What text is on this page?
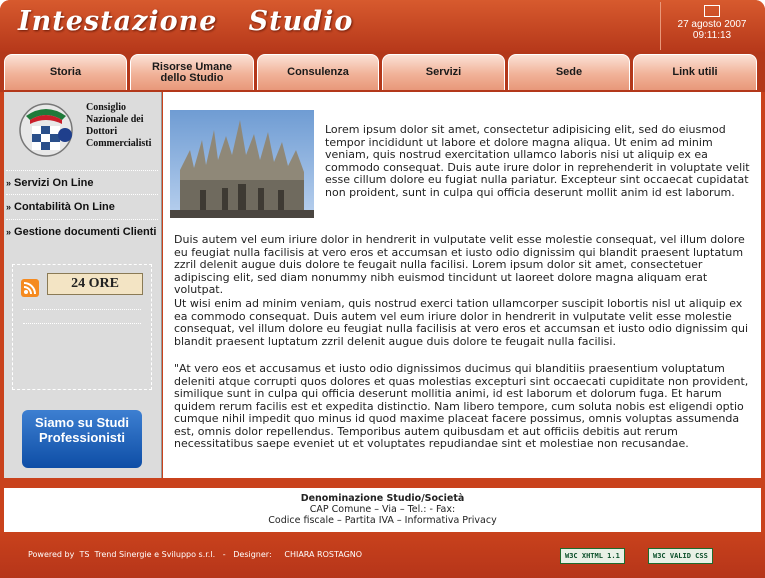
Intestazione   Studio	27 agosto 2007
09:11:13
Storia	Risorse Umane dello Studio	Consulenza	Servizi	Sede	Link utili
Consiglio Nazionale dei Dottori Commercialisti
» Servizi On Line
» Contabilità On Line
» Gestione documenti Clienti
24 ORE
Siamo su Studi Professionisti

Lorem ipsum dolor sit amet, consectetur adipisicing elit, sed do eiusmod tempor incididunt ut labore et dolore magna aliqua. Ut enim ad minim veniam, quis nostrud exercitation ullamco laboris nisi ut aliquip ex ea commodo consequat. Duis aute irure dolor in reprehenderit in voluptate velit esse cillum dolore eu fugiat nulla pariatur. Excepteur sint occaecat cupidatat non proident, sunt in culpa qui officia deserunt mollit anim id est laborum.

Duis autem vel eum iriure dolor in hendrerit in vulputate velit esse molestie consequat, vel illum dolore eu feugiat nulla facilisis at vero eros et accumsan et iusto odio dignissim qui blandit praesent luptatum zzril delenit augue duis dolore te feugait nulla facilisi. Lorem ipsum dolor sit amet, consectetuer adipiscing elit, sed diam nonummy nibh euismod tincidunt ut laoreet dolore magna aliquam erat volutpat.

Ut wisi enim ad minim veniam, quis nostrud exerci tation ullamcorper suscipit lobortis nisl ut aliquip ex ea commodo consequat. Duis autem vel eum iriure dolor in hendrerit in vulputate velit esse molestie consequat, vel illum dolore eu feugiat nulla facilisis at vero eros et accumsan et iusto odio dignissim qui blandit praesent luptatum zzril delenit augue duis dolore te feugait nulla facilisi.

"At vero eos et accusamus et iusto odio dignissimos ducimus qui blanditiis praesentium voluptatum deleniti atque corrupti quos dolores et quas molestias excepturi sint occaecati cupiditate non provident, similique sunt in culpa qui officia deserunt mollitia animi, id est laborum et dolorum fuga. Et harum quidem rerum facilis est et expedita distinctio. Nam libero tempore, cum soluta nobis est eligendi optio cumque nihil impedit quo minus id quod maxime placeat facere possimus, omnis voluptas assumenda est, omnis dolor repellendus. Temporibus autem quibusdam et aut officiis debitis aut rerum necessitatibus saepe eveniet ut et voluptates repudiandae sint et molestiae non recusandae.

Denominazione Studio/Società
CAP Comune – Via – Tel.: - Fax:
Codice fiscale – Partita IVA – Informativa Privacy
Powered by  TS  Trend Sinergie e Sviluppo s.r.l.   -   Designer:     CHIARA ROSTAGNO	W3C XHTML 1.1	W3C VALID CSS
